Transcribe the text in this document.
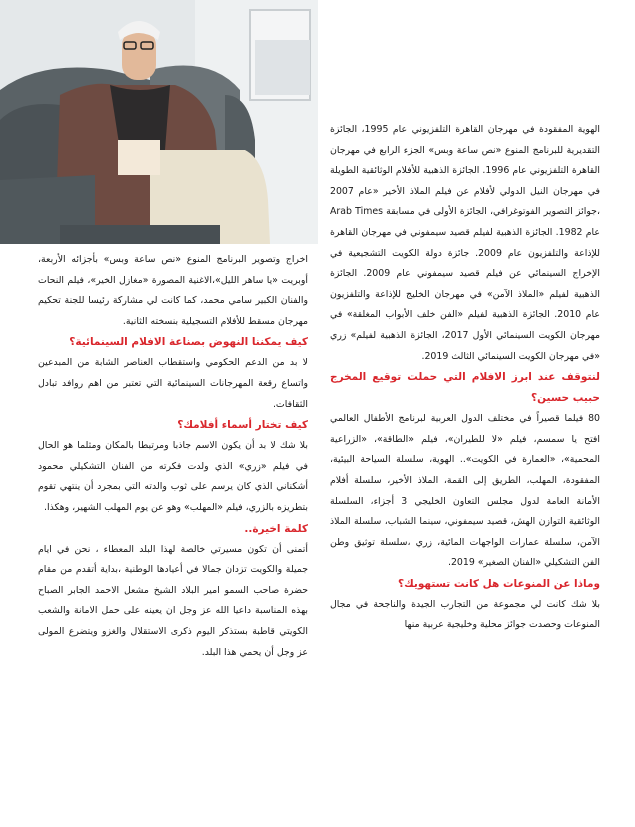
الهوية المفقودة في مهرجان القاهرة التلفزيوني عام 1995، الجائزة التقديرية للبرنامج المنوع «نص ساعة وبس» الجزء الرابع في مهرجان القاهرة التلفزيوني عام 1996. الجائزة الذهبية للأفلام الوثائقية الطويلة في مهرجان النيل الدولي لأفلام عن فيلم الملاذ الأخير «عام 2007 ،جوائز التصوير الفوتوغرافي، الجائزة الأولى في مسابقة Arab Times عام 1982. الجائزة الذهبية لفيلم قصيد سيمفوني في مهرجان القاهرة للإذاعة والتلفزيون عام 2009. جائزة دولة الكويت التشجيعية في الإخراج السينمائي عن فيلم قصيد سيمفوني عام 2009. الجائزة الذهبية لفيلم «الملاذ الآمن» في مهرجان الخليج للإذاعة والتلفزيون عام 2010. الجائزة الذهبية لفيلم «الفن خلف الأبواب المغلقة» في مهرجان الكويت السينمائي الأول 2017، الجائزة الذهبية لفيلم» زري «في مهرجان الكويت السينمائي الثالث 2019.

لنتوقف عند ابرز الافلام التي حملت توقيع المخرج حبيب حسين؟

80 فيلما قصيراً في مختلف الدول العربية لبرنامج الأطفال العالمي افتح يا سمسم، فيلم «لا للطيران»، فيلم «الطاقة»، «الزراعية المحمية»، «العمارة في الكويت».. الهوية، سلسلة السياحة البيئية، المفقودة، المهلب، الطريق إلى القمة، الملاذ الأخير، سلسلة أفلام الأمانة العامة لدول مجلس التعاون الخليجي 3 أجزاء، السلسلة الوثائقية التوازن الهش، قصيد سيمفوني، سينما الشباب، سلسلة الملاذ الآمن، سلسلة عمارات الواجهات المائية، زري ،سلسلة توثيق وطن الفن التشكيلي «الفنان الصغير» 2019.

وماذا عن المنوعات هل كانت تستهويك؟

بلا شك كانت لي مجموعة من التجارب الجيدة والناجحة في مجال المنوعات وحصدت جوائز محلية وخليجية عربية منها

اخراج وتصوير البرنامج المنوع «نص ساعة وبس» بأجزائه الأربعة، أوبريت «يا ساهر الليل»،الاغنية المصورة «مغازل الخير»، فيلم النحات والفنان الكبير سامي محمد، كما كانت لي مشاركة رئيسا للجنة تحكيم مهرجان مسقط للأفلام التسجيلية بنسخته الثانية.

كيف يمكننا النهوض بصناعة الافلام السينمائية؟

لا بد من الدعم الحكومي واستقطاب العناصر الشابة من المبدعين واتساع رقعة المهرجانات السينمائية التي تعتبر من اهم روافد تبادل الثقافات.

كيف تختار أسماء أفلامك؟

بلا شك لا بد أن يكون الاسم جاذبا ومرتبطا بالمكان ومثلما هو الحال في فيلم «زري» الذي ولدت فكرته من الفنان التشكيلي محمود أشكناني الذي كان يرسم على ثوب والدته التي بمجرد أن ينتهي تقوم بتطريزه بالزري، فيلم «المهلب» وهو عن يوم المهلب الشهير، وهكذا.

كلمة اخيرة..

أتمنى أن تكون مسيرتي خالصة لهذا البلد المعطاء ، نحن في ايام جميلة والكويت تزدان جمالا في أعيادها الوطنية ،بداية أتقدم من مقام حضرة صاحب السمو امير البلاد الشيخ مشعل الاحمد الجابر الصباح بهذه المناسبة داعيا الله عز وجل ان يعينه على حمل الامانة والشعب الكويتي قاطبة بستذكر اليوم ذكرى الاستقلال والغزو ويتضرع المولى عز وجل أن يحمي هذا البلد.
